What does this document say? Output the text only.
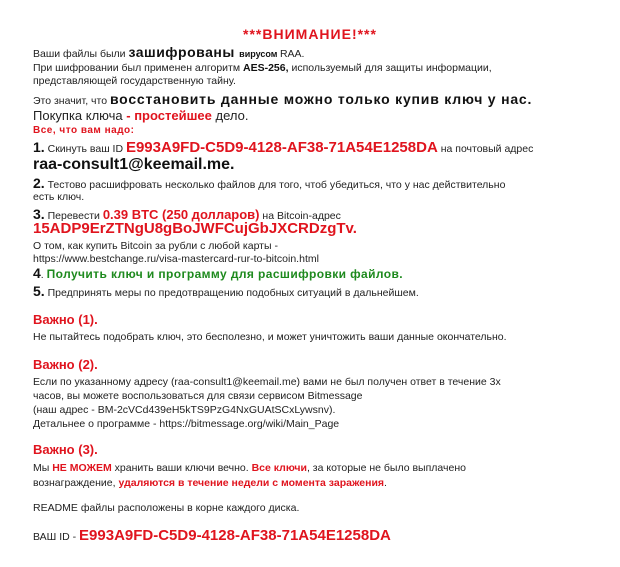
***ВНИМАНИЕ!***
Ваши файлы были зашифрованы вирусом RAA.
При шифровании был применен алгоритм AES-256, используемый для защиты информации,
представляющей государственную тайну.
Это значит, что восстановить данные можно только купив ключ у нас.
Покупка ключа - простейшее дело.
Все, что вам надо:
1. Скинуть ваш ID E993A9FD-C5D9-4128-AF38-71A54E1258DA на почтовый адрес
raa-consult1@keemail.me.
2. Тестово расшифровать несколько файлов для того, чтоб убедиться, что у нас действительно
есть ключ.
3. Перевести 0.39 BTC (250 долларов) на Bitcoin-адрес
15ADP9ErZTNgU8gBoJWFCujGbJXCRDzgTv.
О том, как купить Bitcoin за рубли с любой карты -
https://www.bestchange.ru/visa-mastercard-rur-to-bitcoin.html
4. Получить ключ и программу для расшифровки файлов.
5. Предпринять меры по предотвращению подобных ситуаций в дальнейшем.
Важно (1).
Не пытайтесь подобрать ключ, это бесполезно, и может уничтожить ваши данные окончательно.
Важно (2).
Если по указанному адресу (raa-consult1@keemail.me) вами не был получен ответ в течение 3х
часов, вы можете воспользоваться для связи сервисом Bitmessage
(наш адрес - BM-2cVCd439eH5kTS9PzG4NxGUAtSCxLywsnv).
Детальнее о программе - https://bitmessage.org/wiki/Main_Page
Важно (3).
Мы НЕ МОЖЕМ хранить ваши ключи вечно. Все ключи, за которые не было выплачено
вознаграждение, удаляются в течение недели с момента заражения.
README файлы расположены в корне каждого диска.
ВАШ ID - E993A9FD-C5D9-4128-AF38-71A54E1258DA
